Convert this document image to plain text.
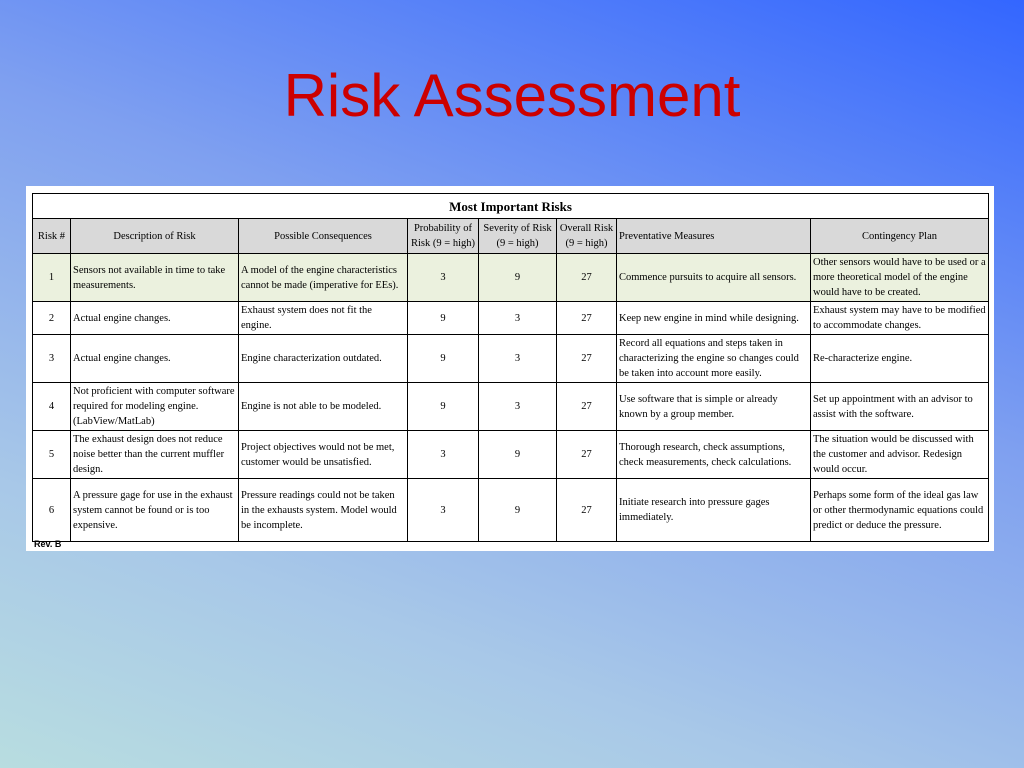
Risk Assessment
Most Important Risks							
Risk #	Description of Risk	Possible Consequences	Probability of Risk (9 = high)	Severity of Risk (9 = high)	Overall Risk (9 = high)	Preventative Measures	Contingency Plan
1	Sensors not available in time to take measurements.	A model of the engine characteristics cannot be made (imperative for EEs).	3	9	27	Commence pursuits to acquire all sensors.	Other sensors would have to be used or a more theoretical model of the engine would have to be created.
2	Actual engine changes.	Exhaust system does not fit the engine.	9	3	27	Keep new engine in mind while designing.	Exhaust system may have to be modified to accommodate changes.
3	Actual engine changes.	Engine characterization outdated.	9	3	27	Record all equations and steps taken in characterizing the engine so changes could be taken into account more easily.	Re-characterize engine.
4	Not proficient with computer software required for modeling engine. (LabView/MatLab)	Engine is not able to be modeled.	9	3	27	Use software that is simple or already known by a group member.	Set up appointment with an advisor to assist with the software.
5	The exhaust design does not reduce noise better than the current muffler design.	Project objectives would not be met, customer would be unsatisfied.	3	9	27	Thorough research, check assumptions, check measurements, check calculations.	The situation would be discussed with the customer and advisor. Redesign would occur.
6	A pressure gage for use in the exhaust system cannot be found or is too expensive.	Pressure readings could not be taken in the exhausts system. Model would be incomplete.	3	9	27	Initiate research into pressure gages immediately.	Perhaps some form of the ideal gas law or other thermodynamic equations could predict or deduce the pressure.
Rev. B
